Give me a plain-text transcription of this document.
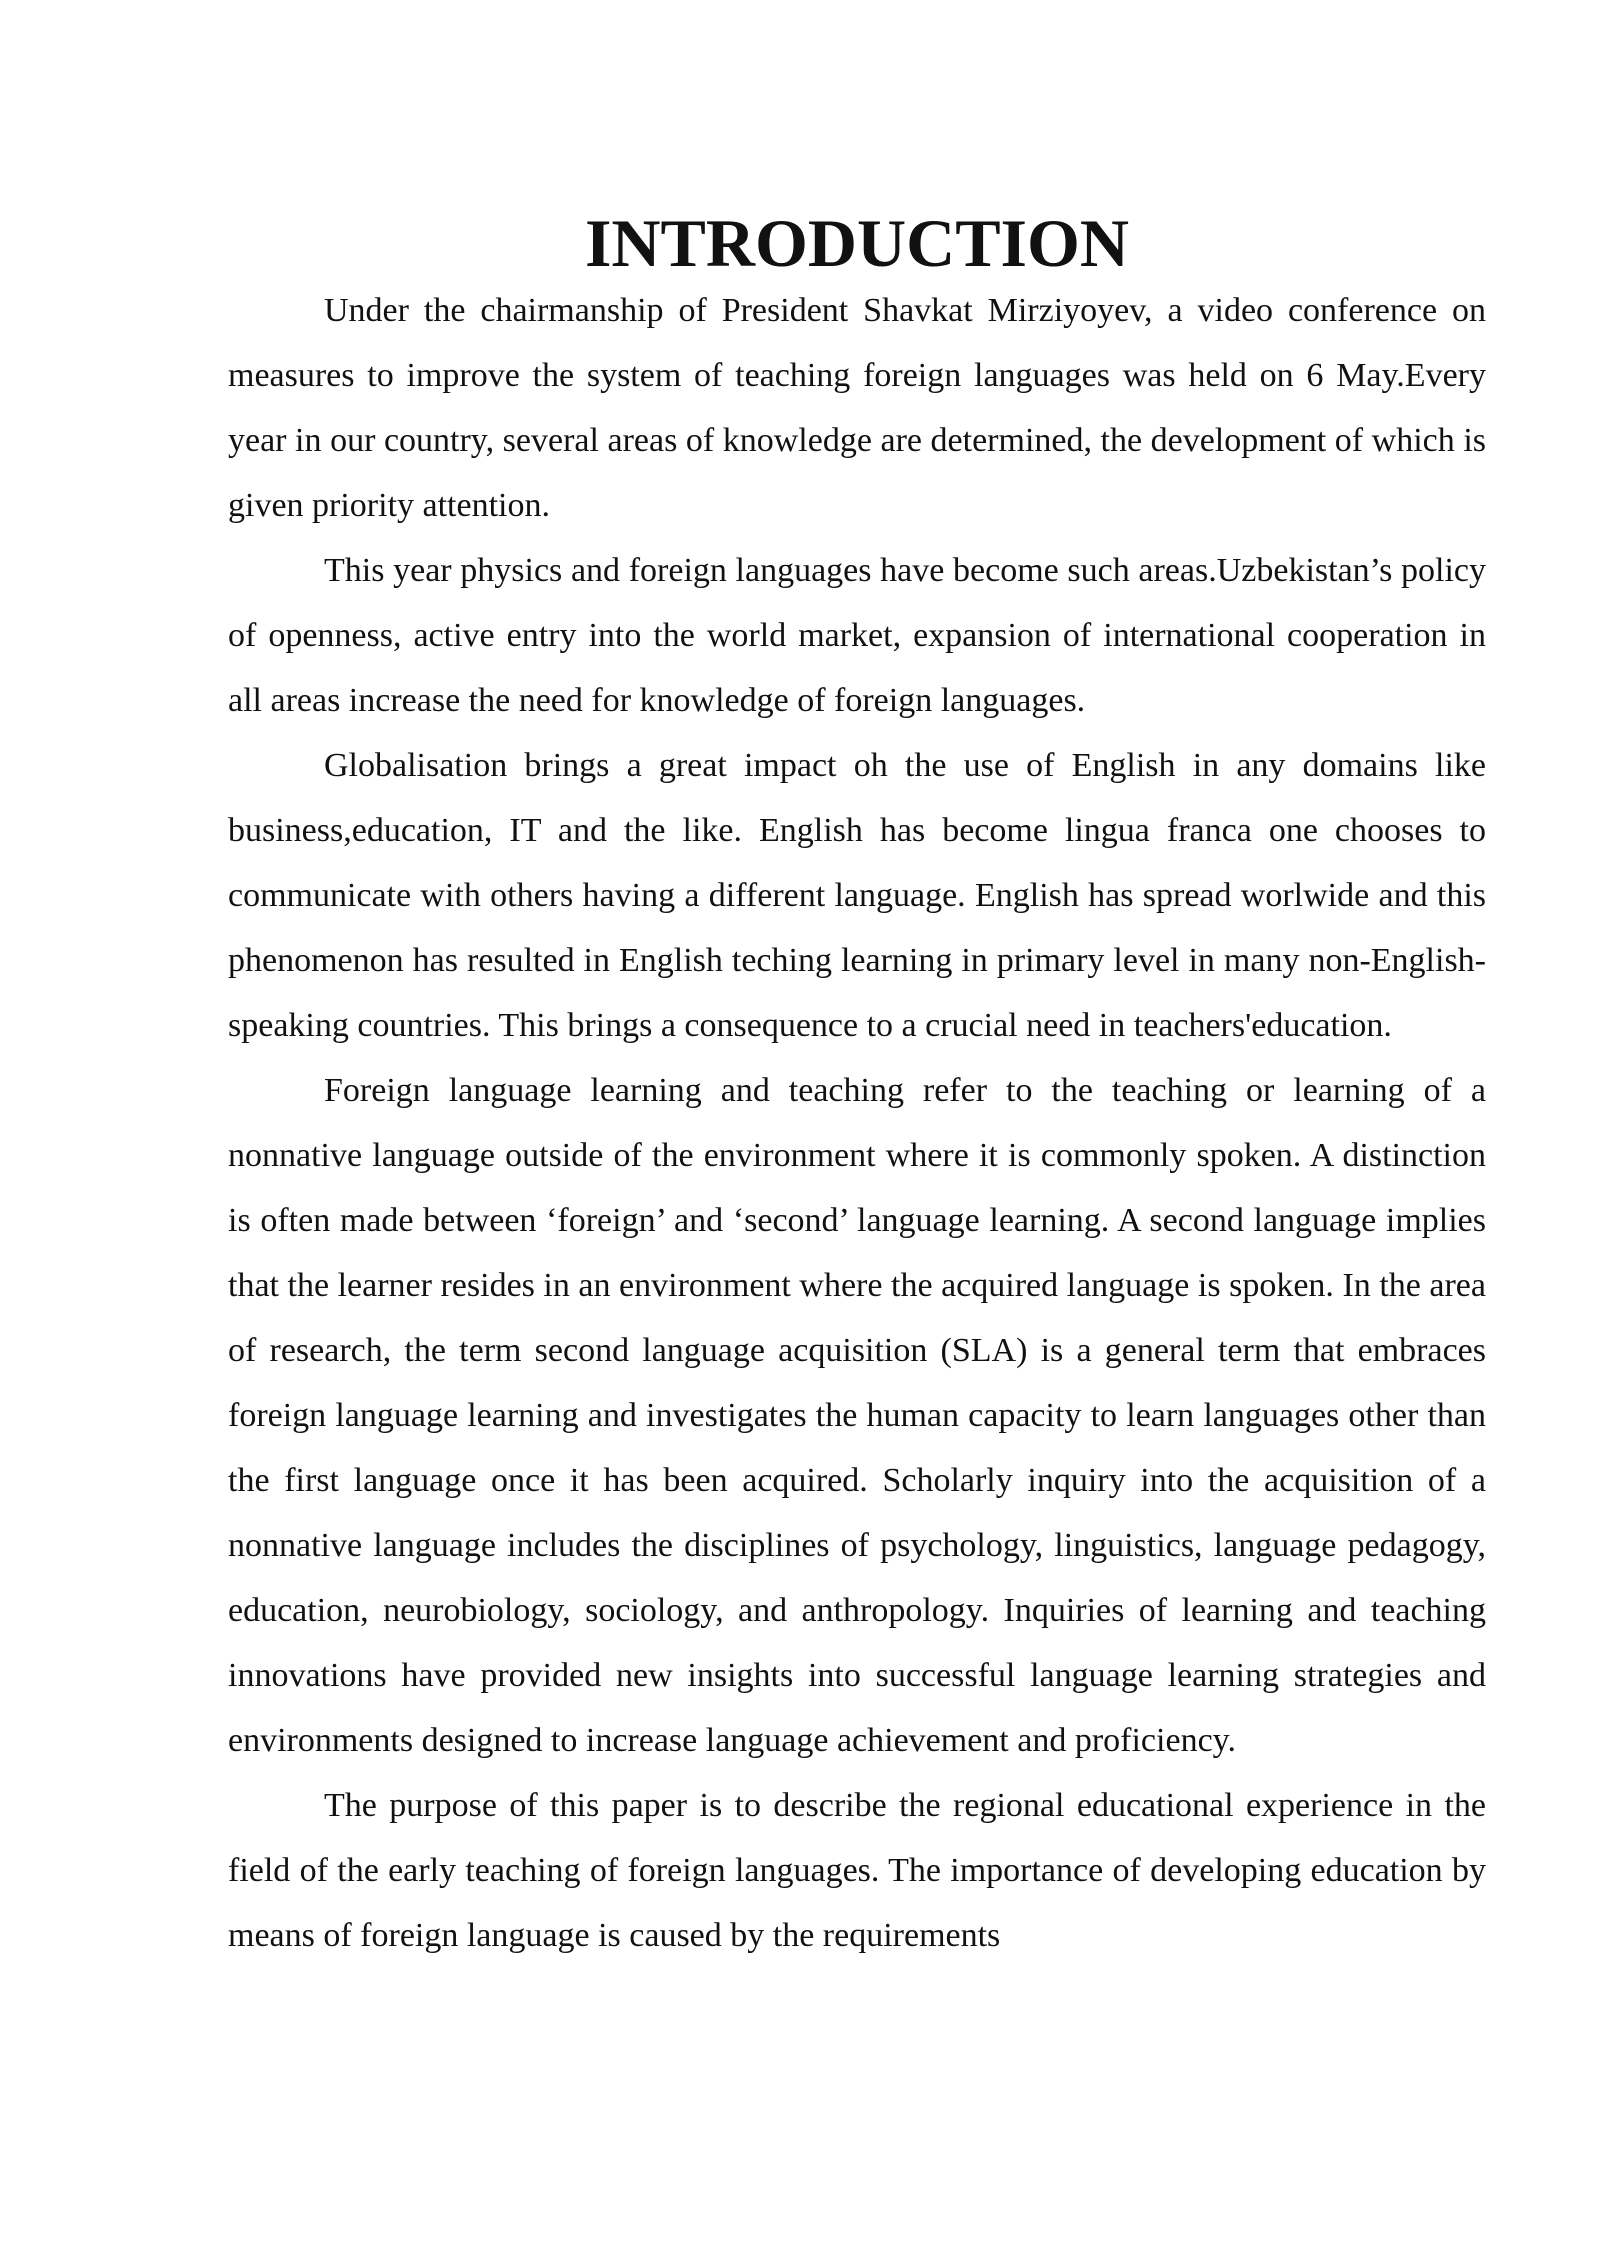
INTRODUCTION

Under the chairmanship of President Shavkat Mirziyoyev, a video conference on measures to improve the system of teaching foreign languages was held on 6 May.Every year in our country, several areas of knowledge are determined, the development of which is given priority attention.

This year physics and foreign languages have become such areas.Uzbekistan’s policy of openness, active entry into the world market, expansion of international cooperation in all areas increase the need for knowledge of foreign languages.

Globalisation brings a great impact oh the use of English in any domains like business,education, IT and the like. English has become lingua franca one chooses to communicate with others having a different language. English has spread worlwide and this phenomenon has resulted in English teching learning in primary level in many non-English-speaking countries. This brings a consequence to a crucial need in teachers'education.

Foreign language learning and teaching refer to the teaching or learning of a nonnative language outside of the environment where it is commonly spoken. A distinction is often made between ‘foreign’ and ‘second’ language learning. A second language implies that the learner resides in an environment where the acquired language is spoken. In the area of research, the term second language acquisition (SLA) is a general term that embraces foreign language learning and investigates the human capacity to learn languages other than the first language once it has been acquired. Scholarly inquiry into the acquisition of a nonnative language includes the disciplines of psychology, linguistics, language pedagogy, education, neurobiology, sociology, and anthropology. Inquiries of learning and teaching innovations have provided new insights into successful language learning strategies and environments designed to increase language achievement and proficiency.

The purpose of this paper is to describe the regional educational experience in the field of the early teaching of foreign languages. The importance of developing education by means of foreign language is caused by the requirements
